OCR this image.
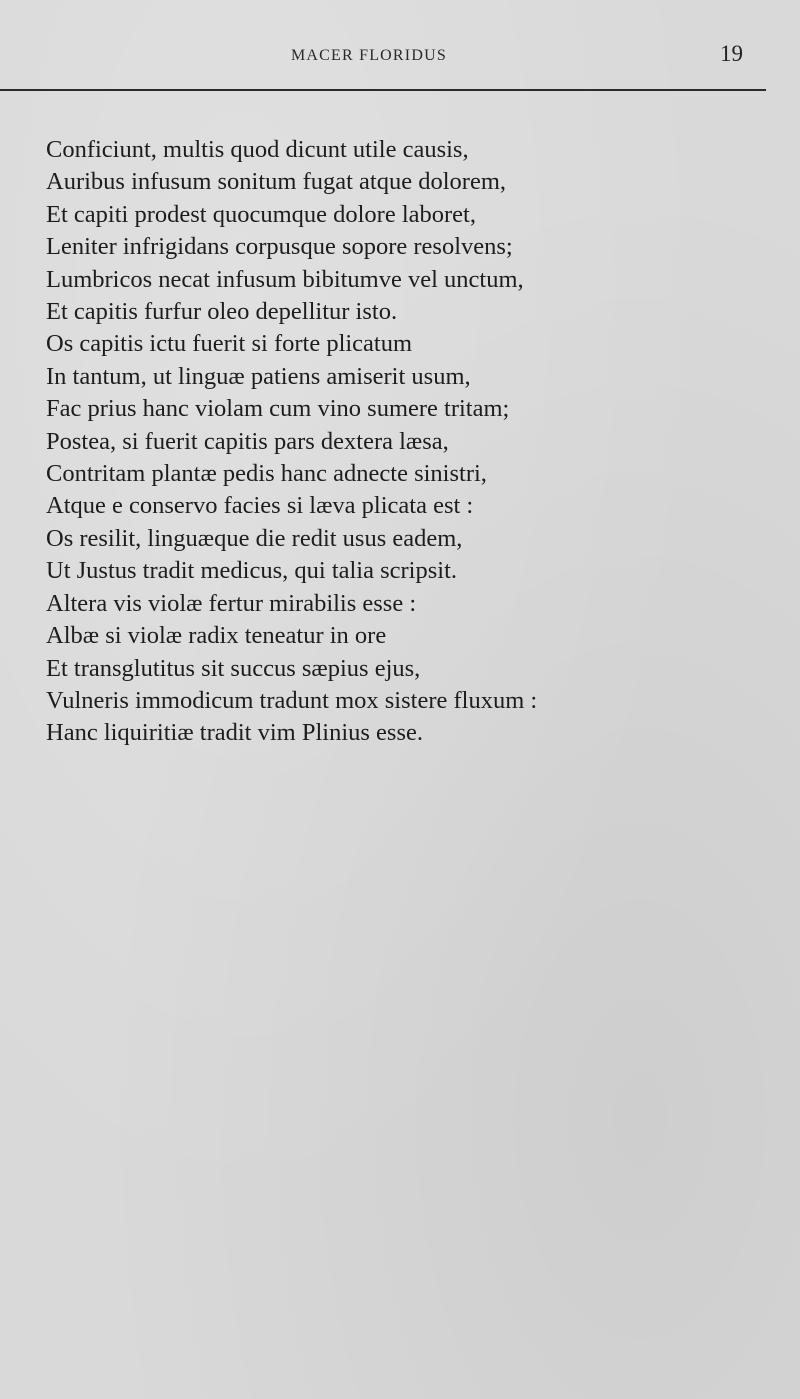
MACER FLORIDUS	19
Conficiunt, multis quod dicunt utile causis,
Auribus infusum sonitum fugat atque dolorem,
Et capiti prodest quocumque dolore laboret,
Leniter infrigidans corpusque sopore resolvens;
Lumbricos necat infusum bibitumve vel unctum,
Et capitis furfur oleo depellitur isto.
Os capitis ictu fuerit si forte plicatum
In tantum, ut linguæ patiens amiserit usum,
Fac prius hanc violam cum vino sumere tritam;
Postea, si fuerit capitis pars dextera læsa,
Contritam plantæ pedis hanc adnecte sinistri,
Atque e conservo facies si læva plicata est :
Os resilit, linguæque die redit usus eadem,
Ut Justus tradit medicus, qui talia scripsit.
Altera vis violæ fertur mirabilis esse :
Albæ si violæ radix teneatur in ore
Et transglutitus sit succus sæpius ejus,
Vulneris immodicum tradunt mox sistere fluxum :
Hanc liquiritiæ tradit vim Plinius esse.
